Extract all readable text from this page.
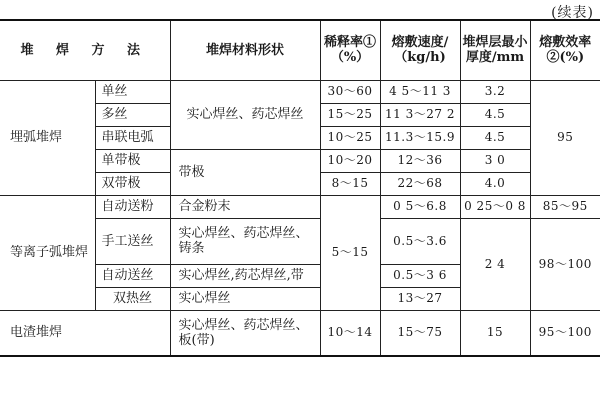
(续表)
堆 焊 方 法		堆焊材料形状	稀释率①（%）	熔敷速度/（kg/h)	堆焊层最小厚度/mm	熔敷效率②(%)
埋弧堆焊	单丝	实心焊丝、药芯焊丝	30～60	4 5～11 3	3.2	95
	多丝		15～25	11 3～27 2	4.5	
	串联电弧		10～25	11.3～15.9	4.5	
	单带极	带极	10～20	12～36	3 0	
	双带极		8～15	22～68	4.0	
等离子弧堆焊	自动送粉	合金粉末	5～15	0 5～6.8	0 25～0 8	85～95
	手工送丝	实心焊丝、药芯焊丝、铸条		0.5～3.6	2 4	98～100
	自动送丝	实心焊丝,药芯焊丝,带		0.5～3 6		
	双热丝	实心焊丝		13～27		
电渣堆焊		实心焊丝、药芯焊丝、板(带)	10～14	15～75	15	95～100
